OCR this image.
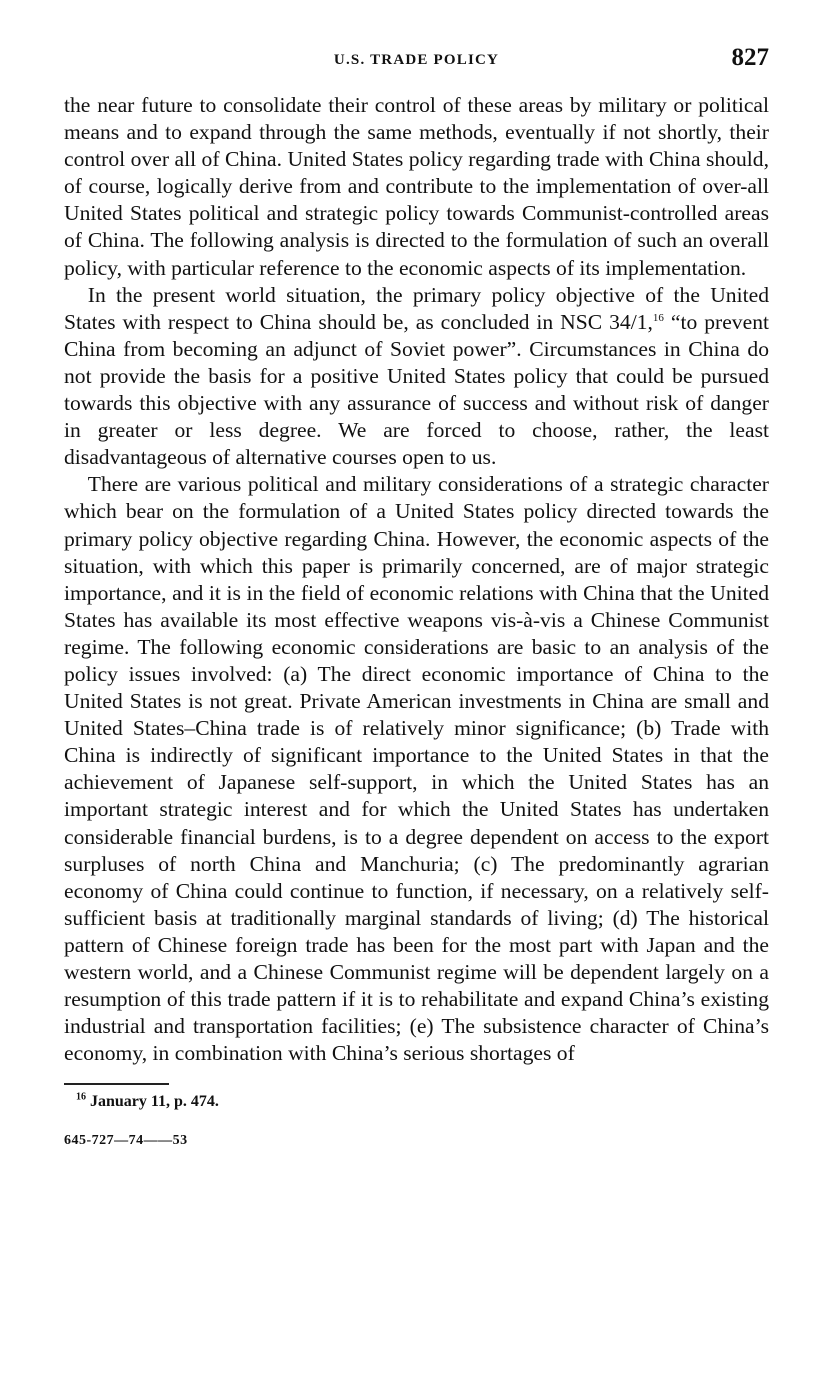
U.S. TRADE POLICY	827

the near future to consolidate their control of these areas by military or political means and to expand through the same methods, eventually if not shortly, their control over all of China. United States policy regarding trade with China should, of course, logically derive from and contribute to the implementation of over-all United States political and strategic policy towards Communist-controlled areas of China. The following analysis is directed to the formulation of such an overall policy, with particular reference to the economic aspects of its implementation.

In the present world situation, the primary policy objective of the United States with respect to China should be, as concluded in NSC 34/1,16 “to prevent China from becoming an adjunct of Soviet power”. Circumstances in China do not provide the basis for a positive United States policy that could be pursued towards this objective with any assurance of success and without risk of danger in greater or less degree. We are forced to choose, rather, the least disadvantageous of alternative courses open to us.

There are various political and military considerations of a strategic character which bear on the formulation of a United States policy directed towards the primary policy objective regarding China. However, the economic aspects of the situation, with which this paper is primarily concerned, are of major strategic importance, and it is in the field of economic relations with China that the United States has available its most effective weapons vis-à-vis a Chinese Communist regime. The following economic considerations are basic to an analysis of the policy issues involved: (a) The direct economic importance of China to the United States is not great. Private American investments in China are small and United States–China trade is of relatively minor significance; (b) Trade with China is indirectly of significant importance to the United States in that the achievement of Japanese self-support, in which the United States has an important strategic interest and for which the United States has undertaken considerable financial burdens, is to a degree dependent on access to the export surpluses of north China and Manchuria; (c) The predominantly agrarian economy of China could continue to function, if necessary, on a relatively self-sufficient basis at traditionally marginal standards of living; (d) The historical pattern of Chinese foreign trade has been for the most part with Japan and the western world, and a Chinese Communist regime will be dependent largely on a resumption of this trade pattern if it is to rehabilitate and expand China’s existing industrial and transportation facilities; (e) The subsistence character of China’s economy, in combination with China’s serious shortages of

$^{16}$ January 11, p. 474.
645-727—74——53
